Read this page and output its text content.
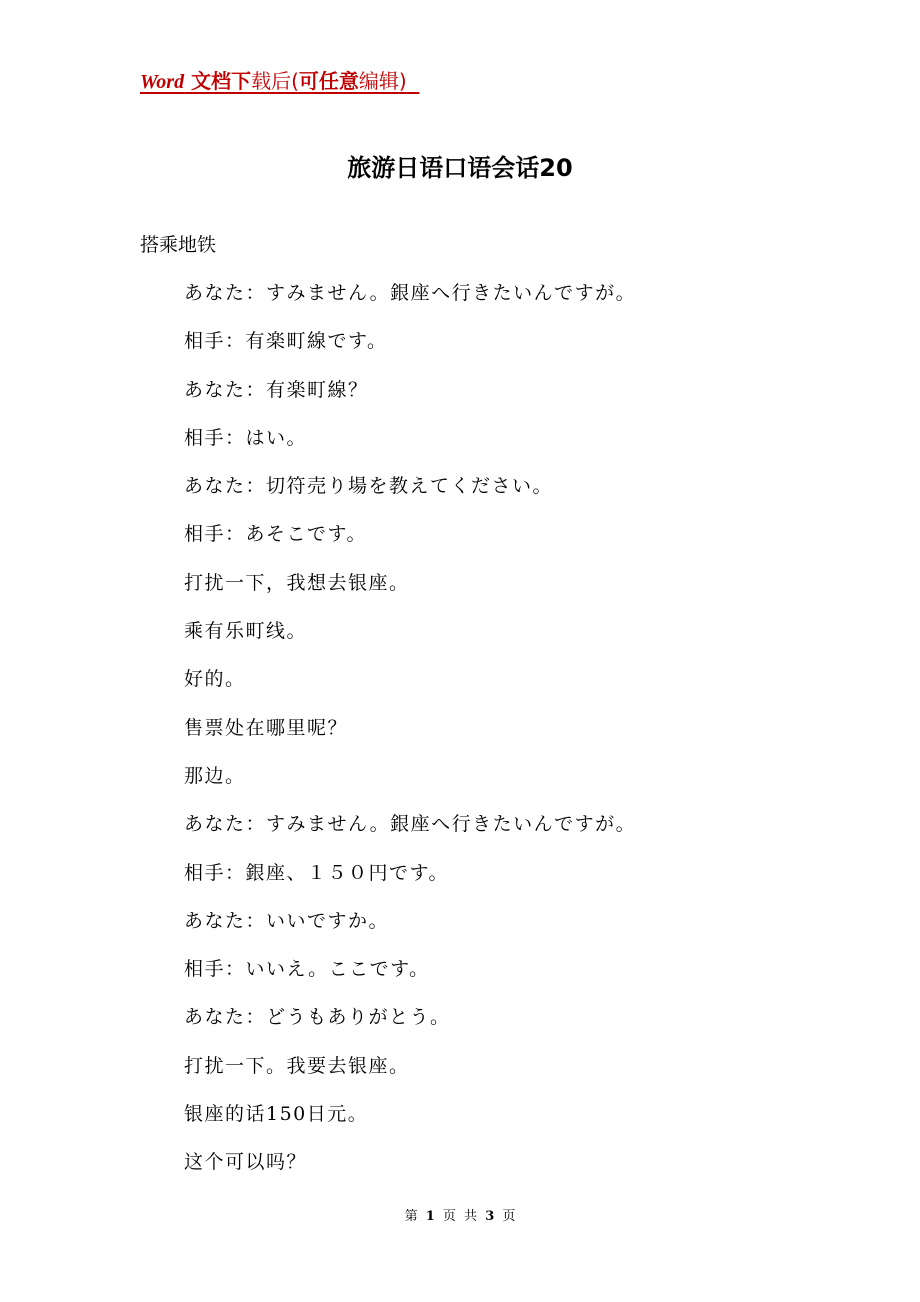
Word 文档下载后(可任意编辑)
旅游日语口语会话20
搭乘地铁
あなた：すみません。銀座へ行きたいんですが。
相手：有楽町線です。
あなた：有楽町線？
相手：はい。
あなた：切符売り場を教えてください。
相手：あそこです。
打扰一下，我想去银座。
乘有乐町线。
好的。
售票处在哪里呢？
那边。
あなた：すみません。銀座へ行きたいんですが。
相手：銀座、１５０円です。
あなた：いいですか。
相手：いいえ。ここです。
あなた：どうもありがとう。
打扰一下。我要去银座。
银座的话150日元。
这个可以吗？
第 1 页 共 3 页
